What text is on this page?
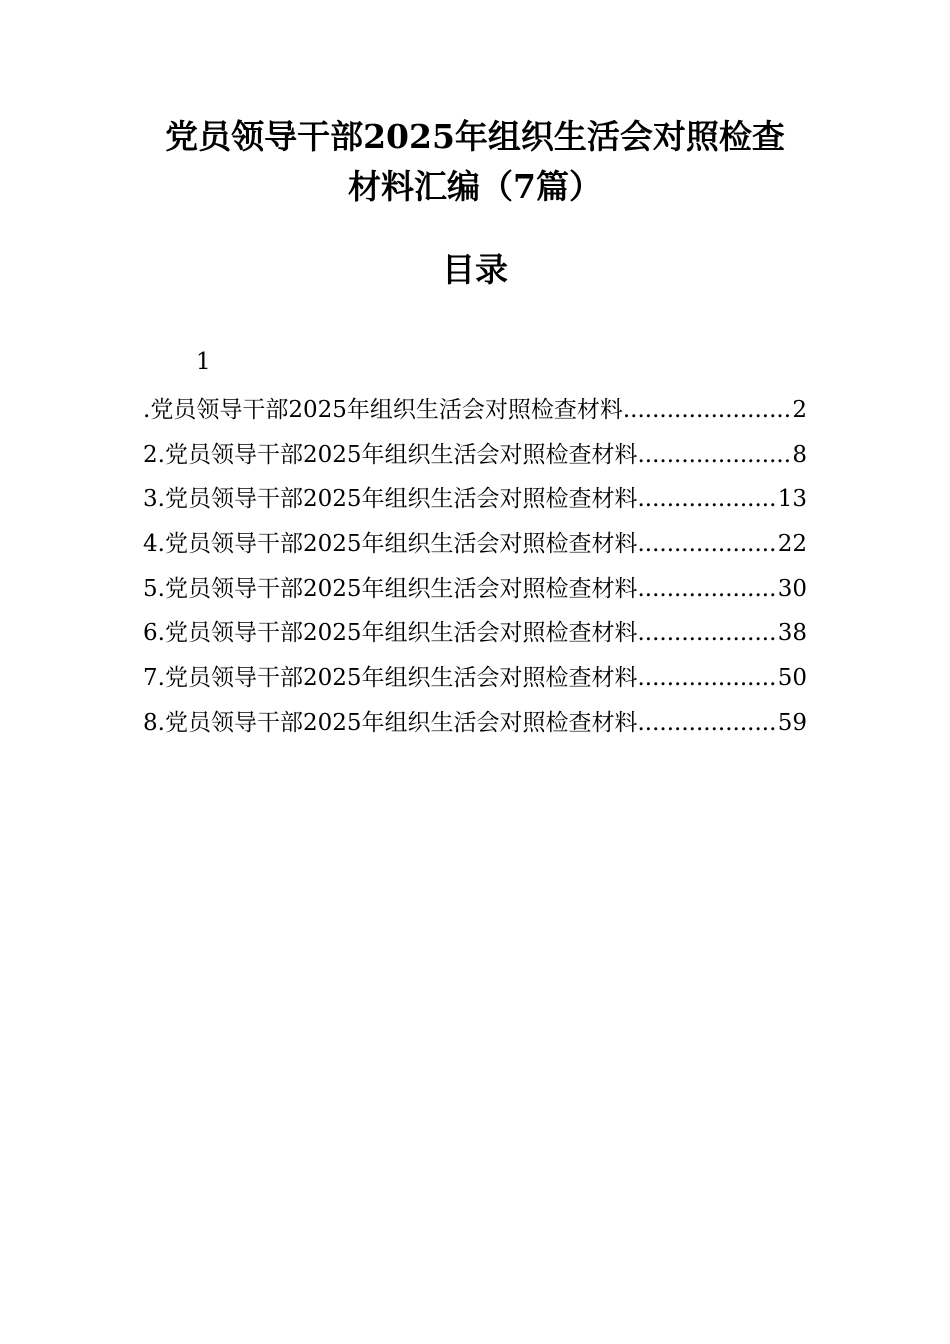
党员领导干部2025年组织生活会对照检查
材料汇编（7篇）
目录
1
. 党员领导干部2025年组织生活会对照检查材料 .....	2
2. 党员领导干部2025年组织生活会对照检查材料 .....	8
3. 党员领导干部2025年组织生活会对照检查材料 .....	13
4. 党员领导干部2025年组织生活会对照检查材料 .....	22
5. 党员领导干部2025年组织生活会对照检查材料 .....	30
6. 党员领导干部2025年组织生活会对照检查材料 .....	38
7. 党员领导干部2025年组织生活会对照检查材料 .....	50
8. 党员领导干部2025年组织生活会对照检查材料 .....	59
